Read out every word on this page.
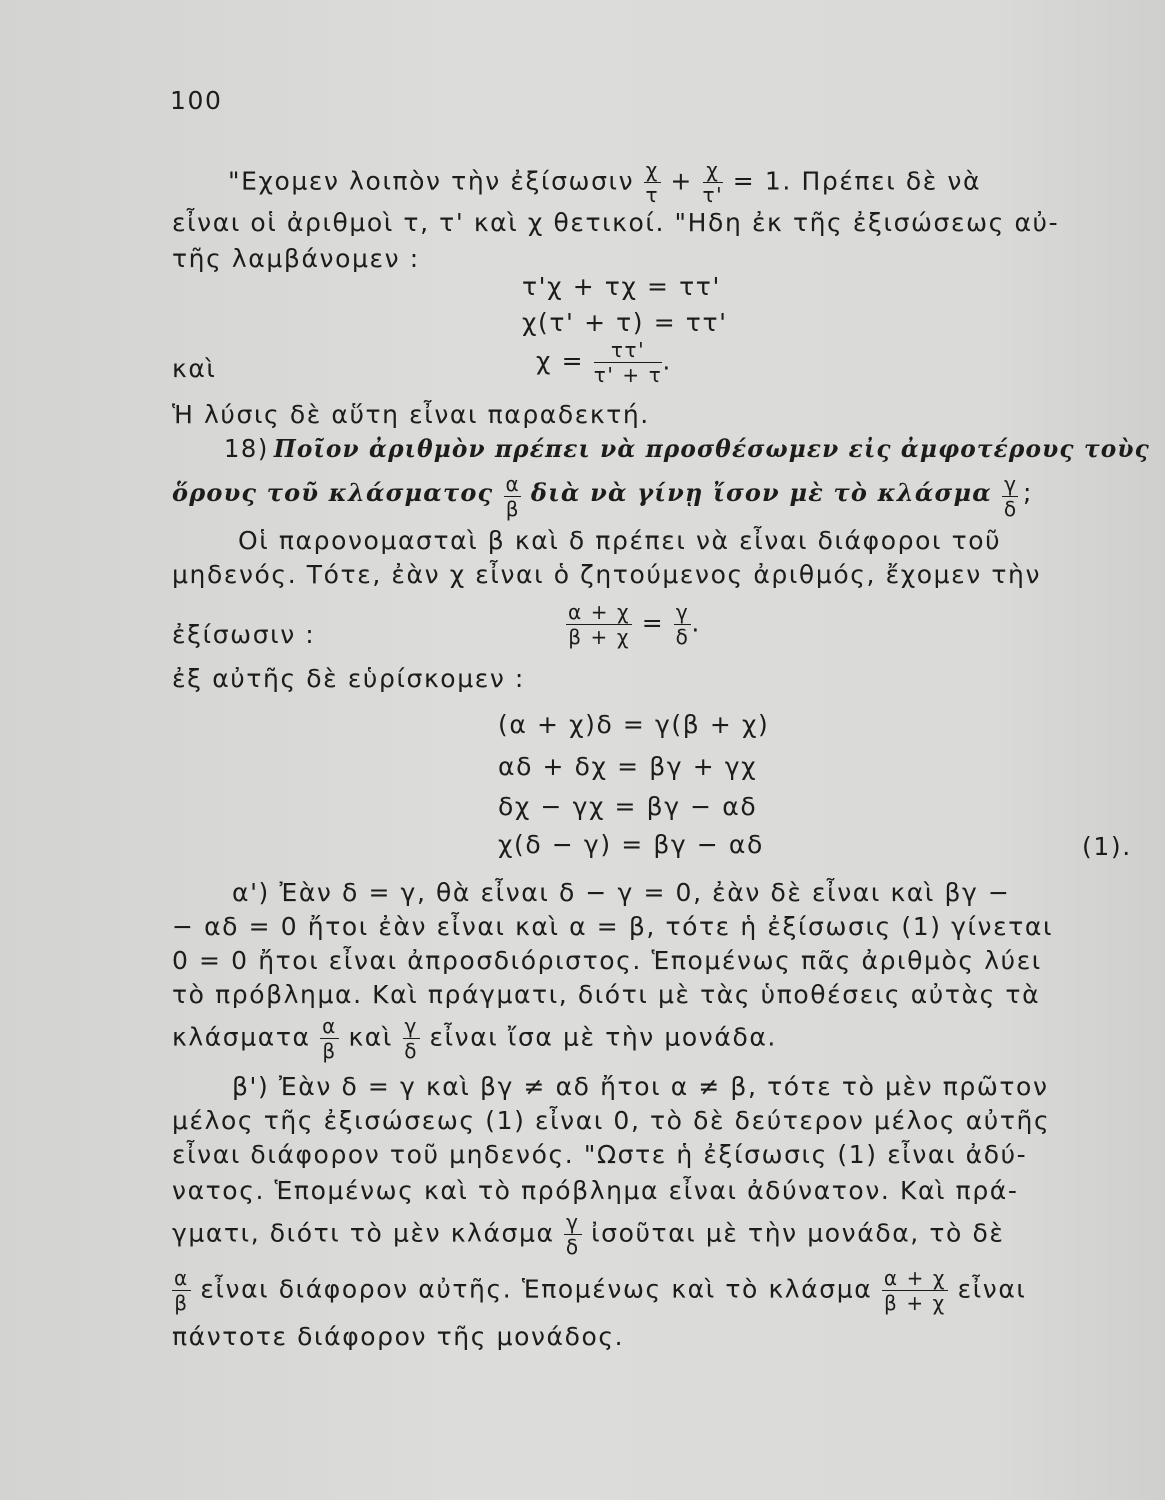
100
"Εχομεν λοιπὸν τὴν ἐξίσωσιν $\frac{\chi}{\tau} + \frac{\chi}{\tau'} = 1$. Πρέπει δὲ νὰ
εἶναι οἱ ἀριθμοὶ τ, τ' καὶ χ θετικοί. "Ηδη ἐκ τῆς ἐξισώσεως αὐ-
τῆς λαμβάνομεν :
τ'χ + τχ = ττ'
χ(τ' + τ) = ττ'
καὶ	$\chi = \frac{\tau\tau'}{\tau' + \tau}$ .
Ἡ λύσις δὲ αὕτη εἶναι παραδεκτή.
18) Ποῖον ἀριθμὸν πρέπει νὰ προσθέσωμεν εἰς ἀμφοτέρους τοὺς
ὅρους τοῦ κλάσματος $\frac{\alpha}{\beta}$ διὰ νὰ γίνῃ ἴσον μὲ τὸ κλάσμα $\frac{\gamma}{\delta}$ ;
Οἱ παρονομασταὶ β καὶ δ πρέπει νὰ εἶναι διάφοροι τοῦ
μηδενός. Τότε, ἐὰν χ εἶναι ὁ ζητούμενος ἀριθμός, ἔχομεν τὴν
ἐξίσωσιν :	$\frac{\alpha + \chi}{\beta + \chi} = \frac{\gamma}{\delta}$ .
ἐξ αὐτῆς δὲ εὑρίσκομεν :
(α + χ)δ = γ(β + χ)
αδ + δχ = βγ + γχ
δχ − γχ = βγ − αδ
χ(δ − γ) = βγ − αδ	(1).
α') Ἐὰν δ = γ, θὰ εἶναι δ − γ = 0, ἐὰν δὲ εἶναι καὶ βγ −
− αδ = 0 ἤτοι ἐὰν εἶναι καὶ α = β, τότε ἡ ἐξίσωσις (1) γίνεται
0 = 0 ἤτοι εἶναι ἀπροσδιόριστος. Ἑπομένως πᾶς ἀριθμὸς λύει
τὸ πρόβλημα. Καὶ πράγματι, διότι μὲ τὰς ὑποθέσεις αὐτὰς τὰ
κλάσματα $\frac{\alpha}{\beta}$ καὶ $\frac{\gamma}{\delta}$ εἶναι ἴσα μὲ τὴν μονάδα.
β') Ἐὰν δ = γ καὶ βγ ≠ αδ ἤτοι α ≠ β, τότε τὸ μὲν πρῶτον
μέλος τῆς ἐξισώσεως (1) εἶναι 0, τὸ δὲ δεύτερον μέλος αὐτῆς
εἶναι διάφορον τοῦ μηδενός. "Ωστε ἡ ἐξίσωσις (1) εἶναι ἀδύ-
νατος. Ἑπομένως καὶ τὸ πρόβλημα εἶναι ἀδύνατον. Καὶ πρά-
γματι, διότι τὸ μὲν κλάσμα $\frac{\gamma}{\delta}$ ἰσοῦται μὲ τὴν μονάδα, τὸ δὲ
$\frac{\alpha}{\beta}$ εἶναι διάφορον αὐτῆς. Ἑπομένως καὶ τὸ κλάσμα $\frac{\alpha + \chi}{\beta + \chi}$ εἶναι
πάντοτε διάφορον τῆς μονάδος.
